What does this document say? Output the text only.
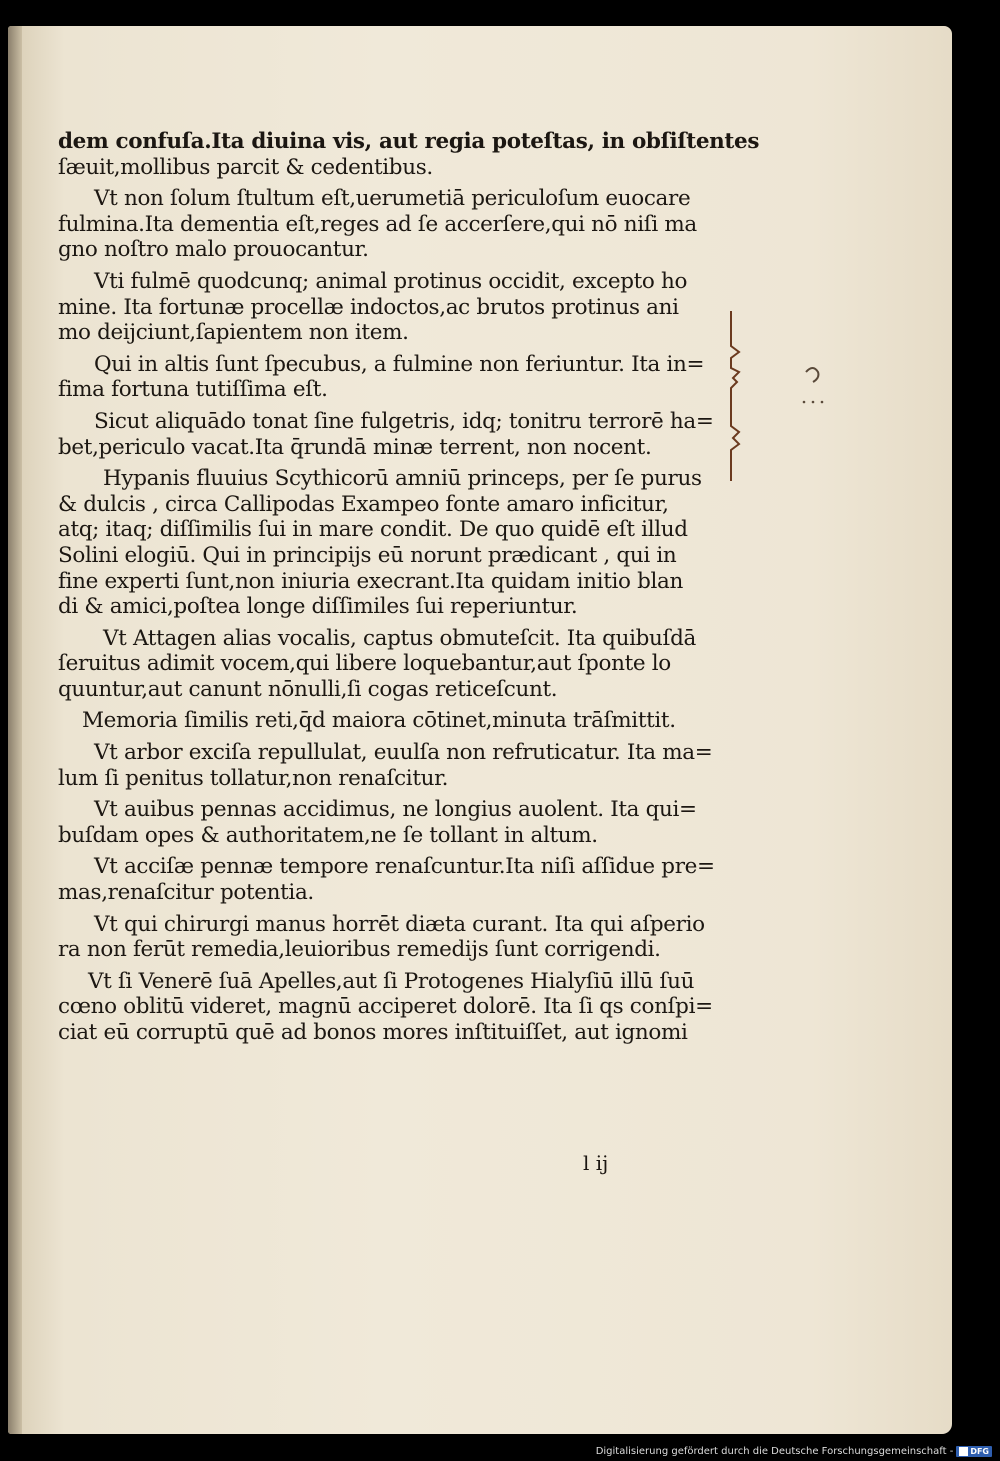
dem confuſa.Ita diuina vis, aut regia poteſtas, in obſiſtentes
ſæuit,mollibus parcit & cedentibus.
Vt non ſolum ſtultum eſt,uerumetiā periculoſum euocare
fulmina.Ita dementia eſt,reges ad ſe accerſere,qui nō niſi ma
gno noſtro malo prouocantur.
Vti fulmē quodcunq; animal protinus occidit, excepto ho
mine. Ita fortunæ procellæ indoctos,ac brutos protinus ani
mo deijciunt,ſapientem non item.
Qui in altis ſunt ſpecubus, a fulmine non feriuntur. Ita in=
fima fortuna tutiſſima eſt.
Sicut aliquādo tonat ſine fulgetris, idq; tonitru terrorē ha=
bet,periculo vacat.Ita q̄rundā minæ terrent, non nocent.
Hypanis fluuius Scythicorū amniū princeps, per ſe purus
& dulcis , circa Callipodas Exampeo fonte amaro inficitur,
atq; itaq; diſſimilis ſui in mare condit. De quo quidē eſt illud
Solini elogiū. Qui in principijs eū norunt prædicant , qui in
fine experti ſunt,non iniuria execrant.Ita quidam initio blan
di & amici,poſtea longe diſſimiles ſui reperiuntur.
Vt Attagen alias vocalis, captus obmuteſcit. Ita quibuſdā
ſeruitus adimit vocem,qui libere loquebantur,aut ſponte lo
quuntur,aut canunt nōnulli,ſi cogas reticeſcunt.
Memoria ſimilis reti,q̄d maiora cōtinet,minuta trāſmittit.
Vt arbor exciſa repullulat, euulſa non refruticatur. Ita ma=
lum ſi penitus tollatur,non renaſcitur.
Vt auibus pennas accidimus, ne longius auolent. Ita qui=
buſdam opes & authoritatem,ne ſe tollant in altum.
Vt acciſæ pennæ tempore renaſcuntur.Ita niſi aſſidue pre=
mas,renaſcitur potentia.
Vt qui chirurgi manus horrēt diæta curant. Ita qui aſperio
ra non ferūt remedia,leuioribus remedijs ſunt corrigendi.
Vt ſi Venerē ſuā Apelles,aut ſi Protogenes Hialyſiū illū ſuū
cœno oblitū videret, magnū acciperet dolorē. Ita ſi qs conſpi=
ciat eū corruptū quē ad bonos mores inſtituiſſet, aut ignomi
l ij
Digitalisierung gefördert durch die Deutsche Forschungsgemeinschaft - DFG
